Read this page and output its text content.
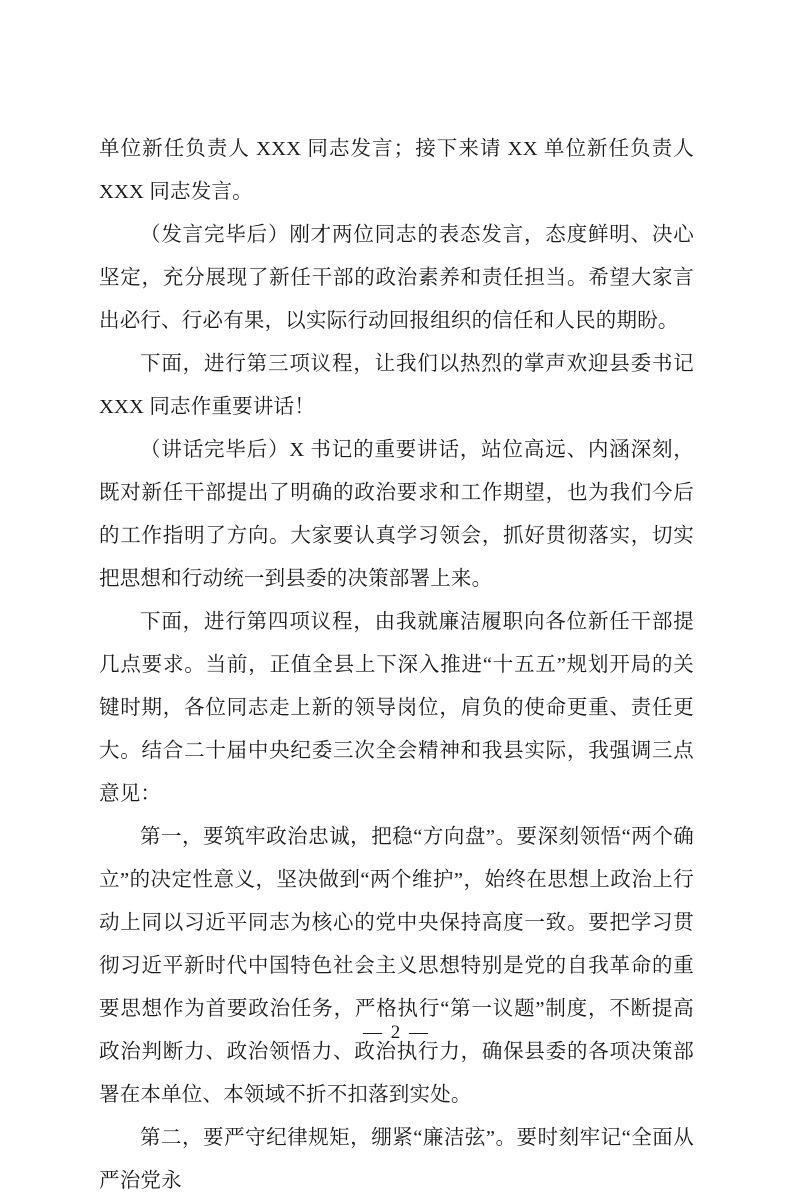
单位新任负责人 XXX 同志发言；接下来请 XX 单位新任负责人 XXX 同志发言。

（发言完毕后）刚才两位同志的表态发言，态度鲜明、决心坚定，充分展现了新任干部的政治素养和责任担当。希望大家言出必行、行必有果，以实际行动回报组织的信任和人民的期盼。

下面，进行第三项议程，让我们以热烈的掌声欢迎县委书记 XXX 同志作重要讲话！

（讲话完毕后）X 书记的重要讲话，站位高远、内涵深刻，既对新任干部提出了明确的政治要求和工作期望，也为我们今后的工作指明了方向。大家要认真学习领会，抓好贯彻落实，切实把思想和行动统一到县委的决策部署上来。

下面，进行第四项议程，由我就廉洁履职向各位新任干部提几点要求。当前，正值全县上下深入推进“十五五”规划开局的关键时期，各位同志走上新的领导岗位，肩负的使命更重、责任更大。结合二十届中央纪委三次全会精神和我县实际，我强调三点意见：

第一，要筑牢政治忠诚，把稳“方向盘”。要深刻领悟“两个确立”的决定性意义，坚决做到“两个维护”，始终在思想上政治上行动上同以习近平同志为核心的党中央保持高度一致。要把学习贯彻习近平新时代中国特色社会主义思想特别是党的自我革命的重要思想作为首要政治任务，严格执行“第一议题”制度，不断提高政治判断力、政治领悟力、政治执行力，确保县委的各项决策部署在本单位、本领域不折不扣落到实处。

第二，要严守纪律规矩，绷紧“廉洁弦”。要时刻牢记“全面从严治党永

— 2 —
